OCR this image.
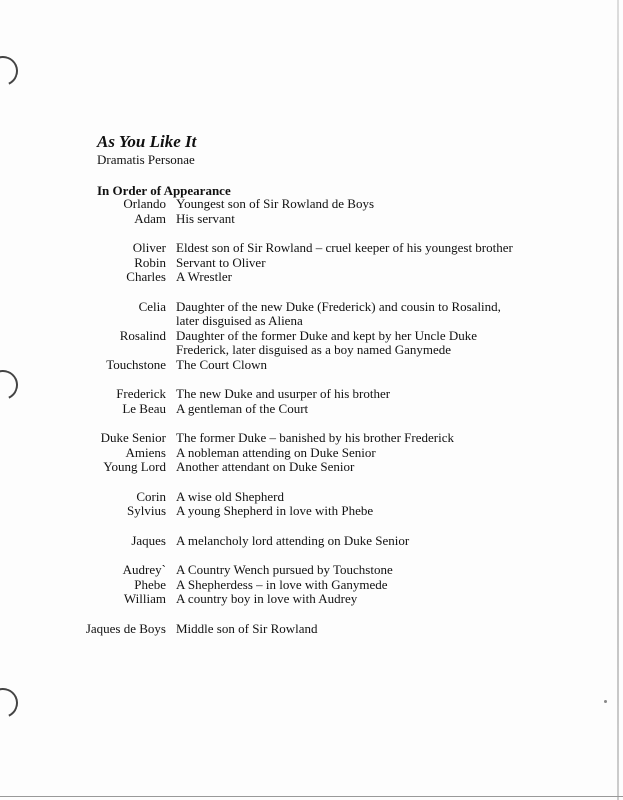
As You Like It
Dramatis Personae
In Order of Appearance
Orlando Youngest son of Sir Rowland de Boys
Adam His servant
Oliver Eldest son of Sir Rowland – cruel keeper of his youngest brother
Robin Servant to Oliver
Charles A Wrestler
Celia Daughter of the new Duke (Frederick) and cousin to Rosalind, later disguised as Aliena
Rosalind Daughter of the former Duke and kept by her Uncle Duke Frederick, later disguised as a boy named Ganymede
Touchstone The Court Clown
Frederick The new Duke and usurper of his brother
Le Beau A gentleman of the Court
Duke Senior The former Duke – banished by his brother Frederick
Amiens A nobleman attending on Duke Senior
Young Lord Another attendant on Duke Senior
Corin A wise old Shepherd
Sylvius A young Shepherd in love with Phebe
Jaques A melancholy lord attending on Duke Senior
Audrey` A Country Wench pursued by Touchstone
Phebe A Shepherdess – in love with Ganymede
William A country boy in love with Audrey
Jaques de Boys Middle son of Sir Rowland
